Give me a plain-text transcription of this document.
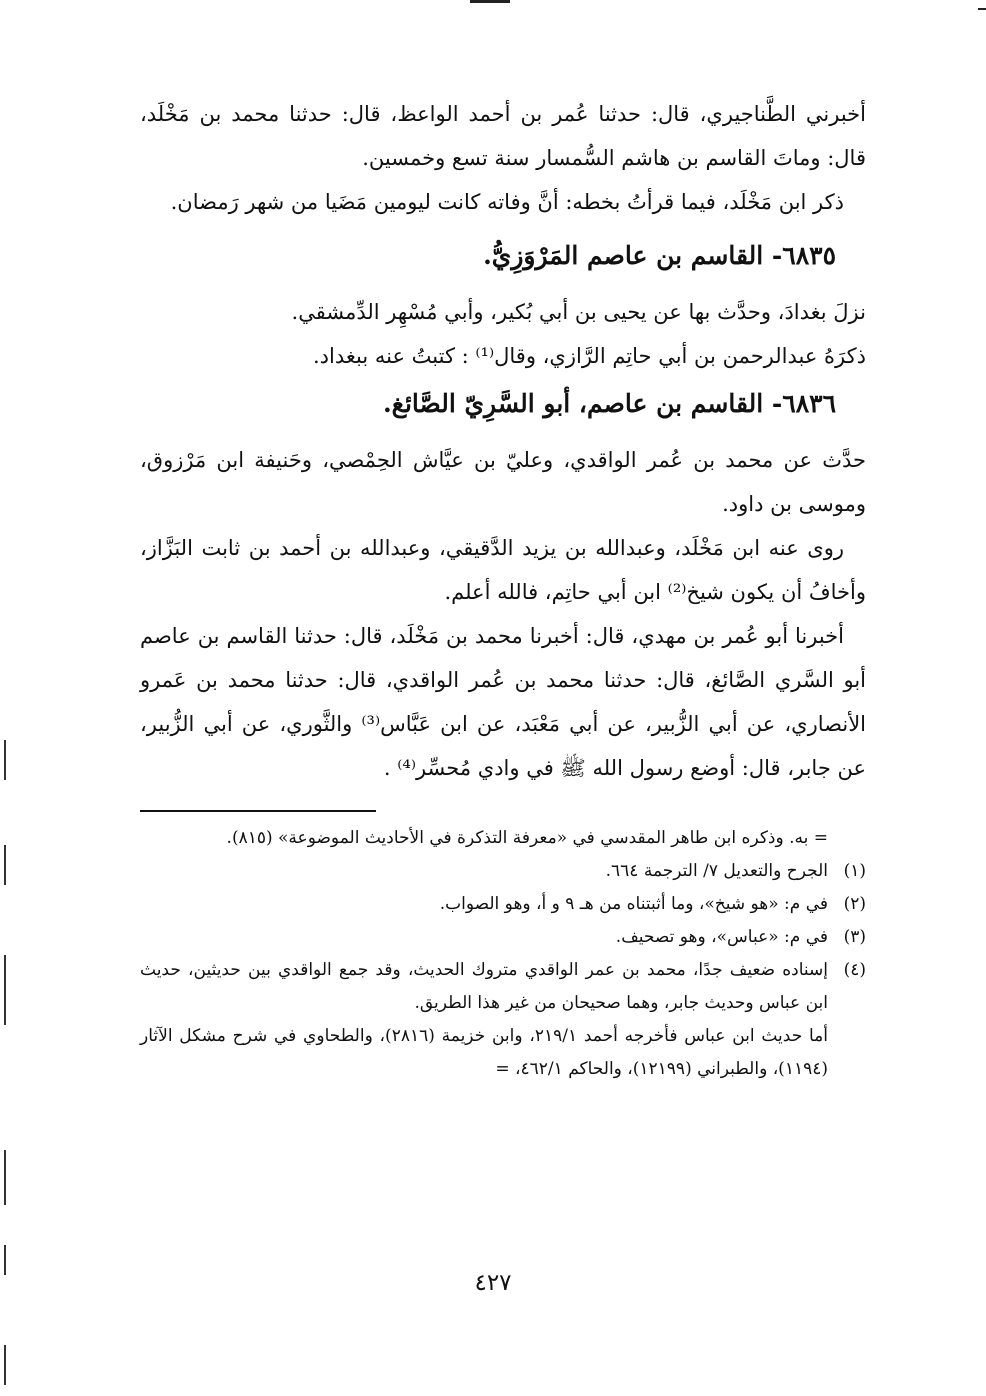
أخبرني الطَّناجيري، قال: حدثنا عُمر بن أحمد الواعظ، قال: حدثنا محمد بن مَخْلَد، قال: وماتَ القاسم بن هاشم السُّمسار سنة تسع وخمسين.

ذكر ابن مَخْلَد، فيما قرأتُ بخطه: أنَّ وفاته كانت ليومين مَضَيا من شهر رَمضان.

٦٨٣٥- القاسم بن عاصم المَرْوَزِيُّ.

نزلَ بغدادَ، وحدَّث بها عن يحيى بن أبي بُكير، وأبي مُسْهِر الدِّمشقي.

ذكرَهُ عبدالرحمن بن أبي حاتِم الرَّازي، وقال⁽¹⁾ : كتبتُ عنه ببغداد.

٦٨٣٦- القاسم بن عاصم، أبو السَّرِيّ الصَّائغ.

حدَّث عن محمد بن عُمر الواقدي، وعليّ بن عيَّاش الحِمْصي، وحَنيفة ابن مَرْزوق، وموسى بن داود.

روى عنه ابن مَخْلَد، وعبدالله بن يزيد الدَّقيقي، وعبدالله بن أحمد بن ثابت البَزَّاز، وأخافُ أن يكون شيخ⁽²⁾ ابن أبي حاتِم، فالله أعلم.

أخبرنا أبو عُمر بن مهدي، قال: أخبرنا محمد بن مَخْلَد، قال: حدثنا القاسم بن عاصم أبو السَّري الصَّائغ، قال: حدثنا محمد بن عُمر الواقدي، قال: حدثنا محمد بن عَمرو الأنصاري، عن أبي الزُّبير، عن أبي مَعْبَد، عن ابن عَبَّاس⁽³⁾ والثَّوري، عن أبي الزُّبير، عن جابر، قال: أوضع رسول الله ﷺ في وادي مُحسِّر⁽⁴⁾ .

= به. وذكره ابن طاهر المقدسي في «معرفة التذكرة في الأحاديث الموضوعة» (٨١٥).
(١)
الجرح والتعديل ٧/ الترجمة ٦٦٤.
(٢)
في م: «هو شيخ»، وما أثبتناه من هـ ٩ و أ، وهو الصواب.
(٣)
في م: «عباس»، وهو تصحيف.
(٤)
إسناده ضعيف جدًا، محمد بن عمر الواقدي متروك الحديث، وقد جمع الواقدي بين حديثين، حديث ابن عباس وحديث جابر، وهما صحيحان من غير هذا الطريق.
أما حديث ابن عباس فأخرجه أحمد ٢١٩/١، وابن خزيمة (٢٨١٦)، والطحاوي في شرح مشكل الآثار (١١٩٤)، والطبراني (١٢١٩٩)، والحاكم ٤٦٢/١، =
٤٢٧
